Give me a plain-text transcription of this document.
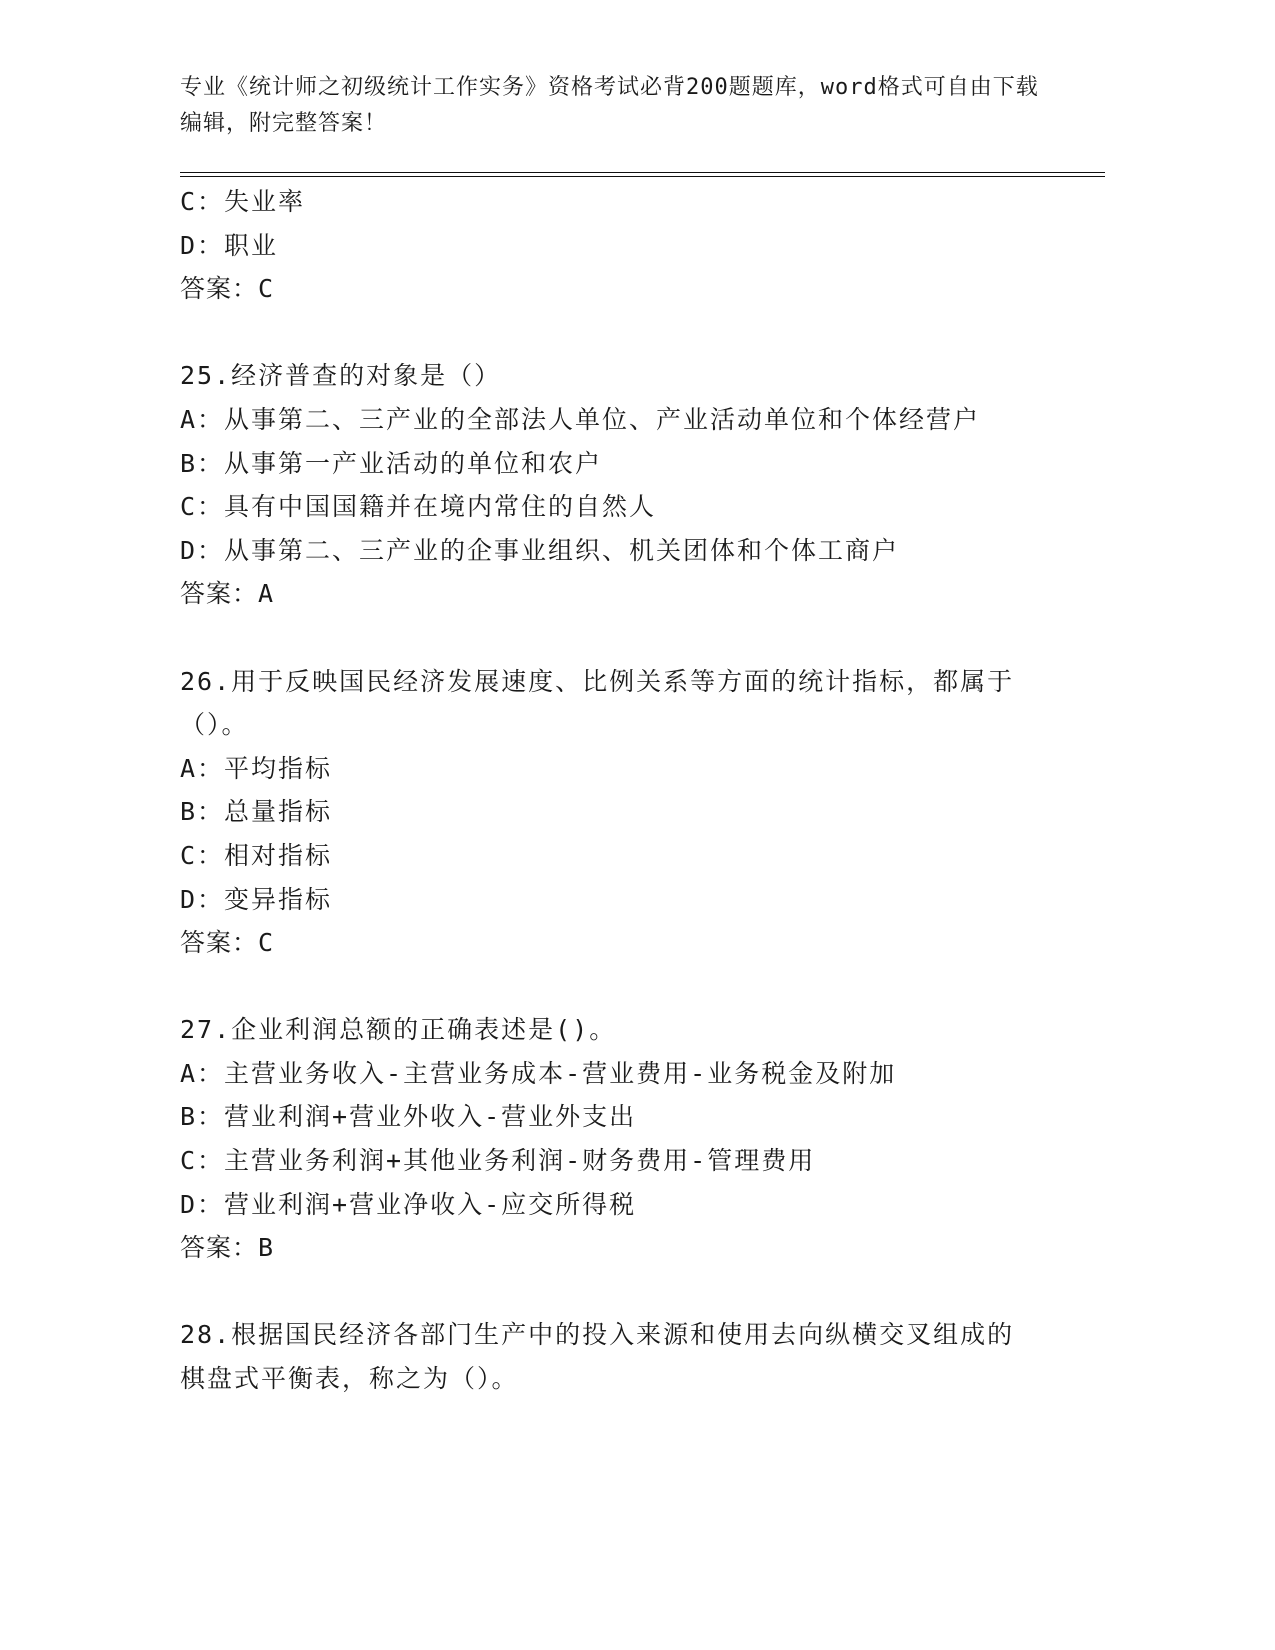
专业《统计师之初级统计工作实务》资格考试必背200题题库，word格式可自由下载编辑，附完整答案！
C：失业率
D：职业
答案：C
25.经济普查的对象是（）
A：从事第二、三产业的全部法人单位、产业活动单位和个体经营户
B：从事第一产业活动的单位和农户
C：具有中国国籍并在境内常住的自然人
D：从事第二、三产业的企事业组织、机关团体和个体工商户
答案：A
26.用于反映国民经济发展速度、比例关系等方面的统计指标，都属于
（）。
A：平均指标
B：总量指标
C：相对指标
D：变异指标
答案：C
27.企业利润总额的正确表述是()。
A：主营业务收入-主营业务成本-营业费用-业务税金及附加
B：营业利润+营业外收入-营业外支出
C：主营业务利润+其他业务利润-财务费用-管理费用
D：营业利润+营业净收入-应交所得税
答案：B
28.根据国民经济各部门生产中的投入来源和使用去向纵横交叉组成的
棋盘式平衡表，称之为（）。
